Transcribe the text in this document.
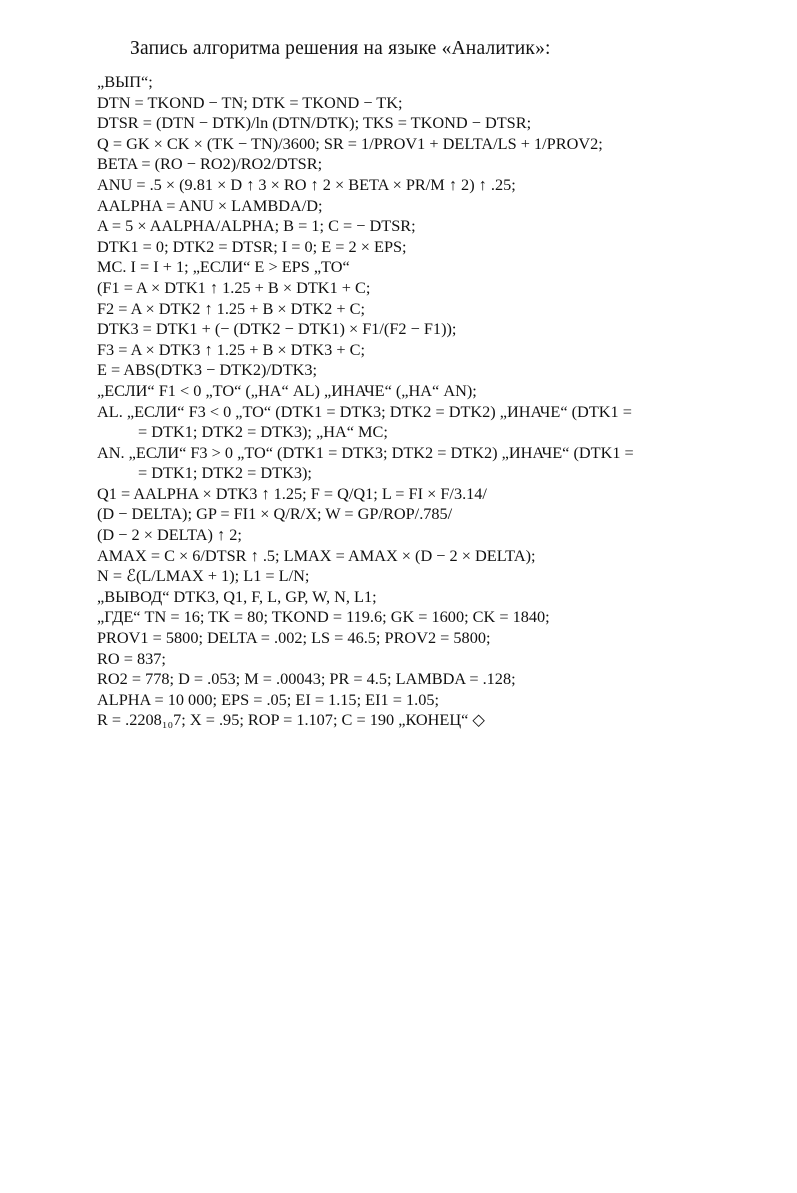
Запись алгоритма решения на языке «Аналитик»:
„ВЫП“;
DTN = TKOND − TN; DTK = TKOND − TK;
DTSR = (DTN − DTK)/ln (DTN/DTK); TKS = TKOND − DTSR;
Q = GK × CK × (TK − TN)/3600; SR = 1/PROV1 + DELTA/LS + 1/PROV2;
BETA = (RO − RO2)/RO2/DTSR;
ANU = .5 × (9.81 × D ↑ 3 × RO ↑ 2 × BETA × PR/M ↑ 2) ↑ .25;
AALPHA = ANU × LAMBDA/D;
A = 5 × AALPHA/ALPHA; B = 1; C = − DTSR;
DTK1 = 0; DTK2 = DTSR; I = 0; E = 2 × EPS;
MC. I = I + 1; „ЕСЛИ“ E > EPS „TO“
(F1 = A × DTK1 ↑ 1.25 + B × DTK1 + C;
F2 = A × DTK2 ↑ 1.25 + B × DTK2 + C;
DTK3 = DTK1 + (− (DTK2 − DTK1) × F1/(F2 − F1));
F3 = A × DTK3 ↑ 1.25 + B × DTK3 + C;
E = ABS(DTK3 − DTK2)/DTK3;
„ЕСЛИ“ F1 < 0 „TO“ („НА“ AL) „ИНАЧЕ“ („НА“ AN);
AL. „ЕСЛИ“ F3 < 0 „TO“ (DTK1 = DTK3; DTK2 = DTK2) „ИНАЧЕ“ (DTK1 =
= DTK1; DTK2 = DTK3); „НА“ MC;
AN. „ЕСЛИ“ F3 > 0 „TO“ (DTK1 = DTK3; DTK2 = DTK2) „ИНАЧЕ“ (DTK1 =
= DTK1; DTK2 = DTK3);
Q1 = AALPHA × DTK3 ↑ 1.25; F = Q/Q1; L = FI × F/3.14/
(D − DELTA); GP = FI1 × Q/R/X; W = GP/ROP/.785/
(D − 2 × DELTA) ↑ 2;
AMAX = C × 6/DTSR ↑ .5; LMAX = AMAX × (D − 2 × DELTA);
N = ℰ(L/LMAX + 1); L1 = L/N;
„ВЫВОД“ DTK3, Q1, F, L, GP, W, N, L1;
„ГДЕ“ TN = 16; TK = 80; TKOND = 119.6; GK = 1600; CK = 1840;
PROV1 = 5800; DELTA = .002; LS = 46.5; PROV2 = 5800;
RO = 837;
RO2 = 778; D = .053; M = .00043; PR = 4.5; LAMBDA = .128;
ALPHA = 10 000; EPS = .05; EI = 1.15; EI1 = 1.05;
R = .2208₁₀7; X = .95; ROP = 1.107; C = 190 „КОНЕЦ“ ◇
